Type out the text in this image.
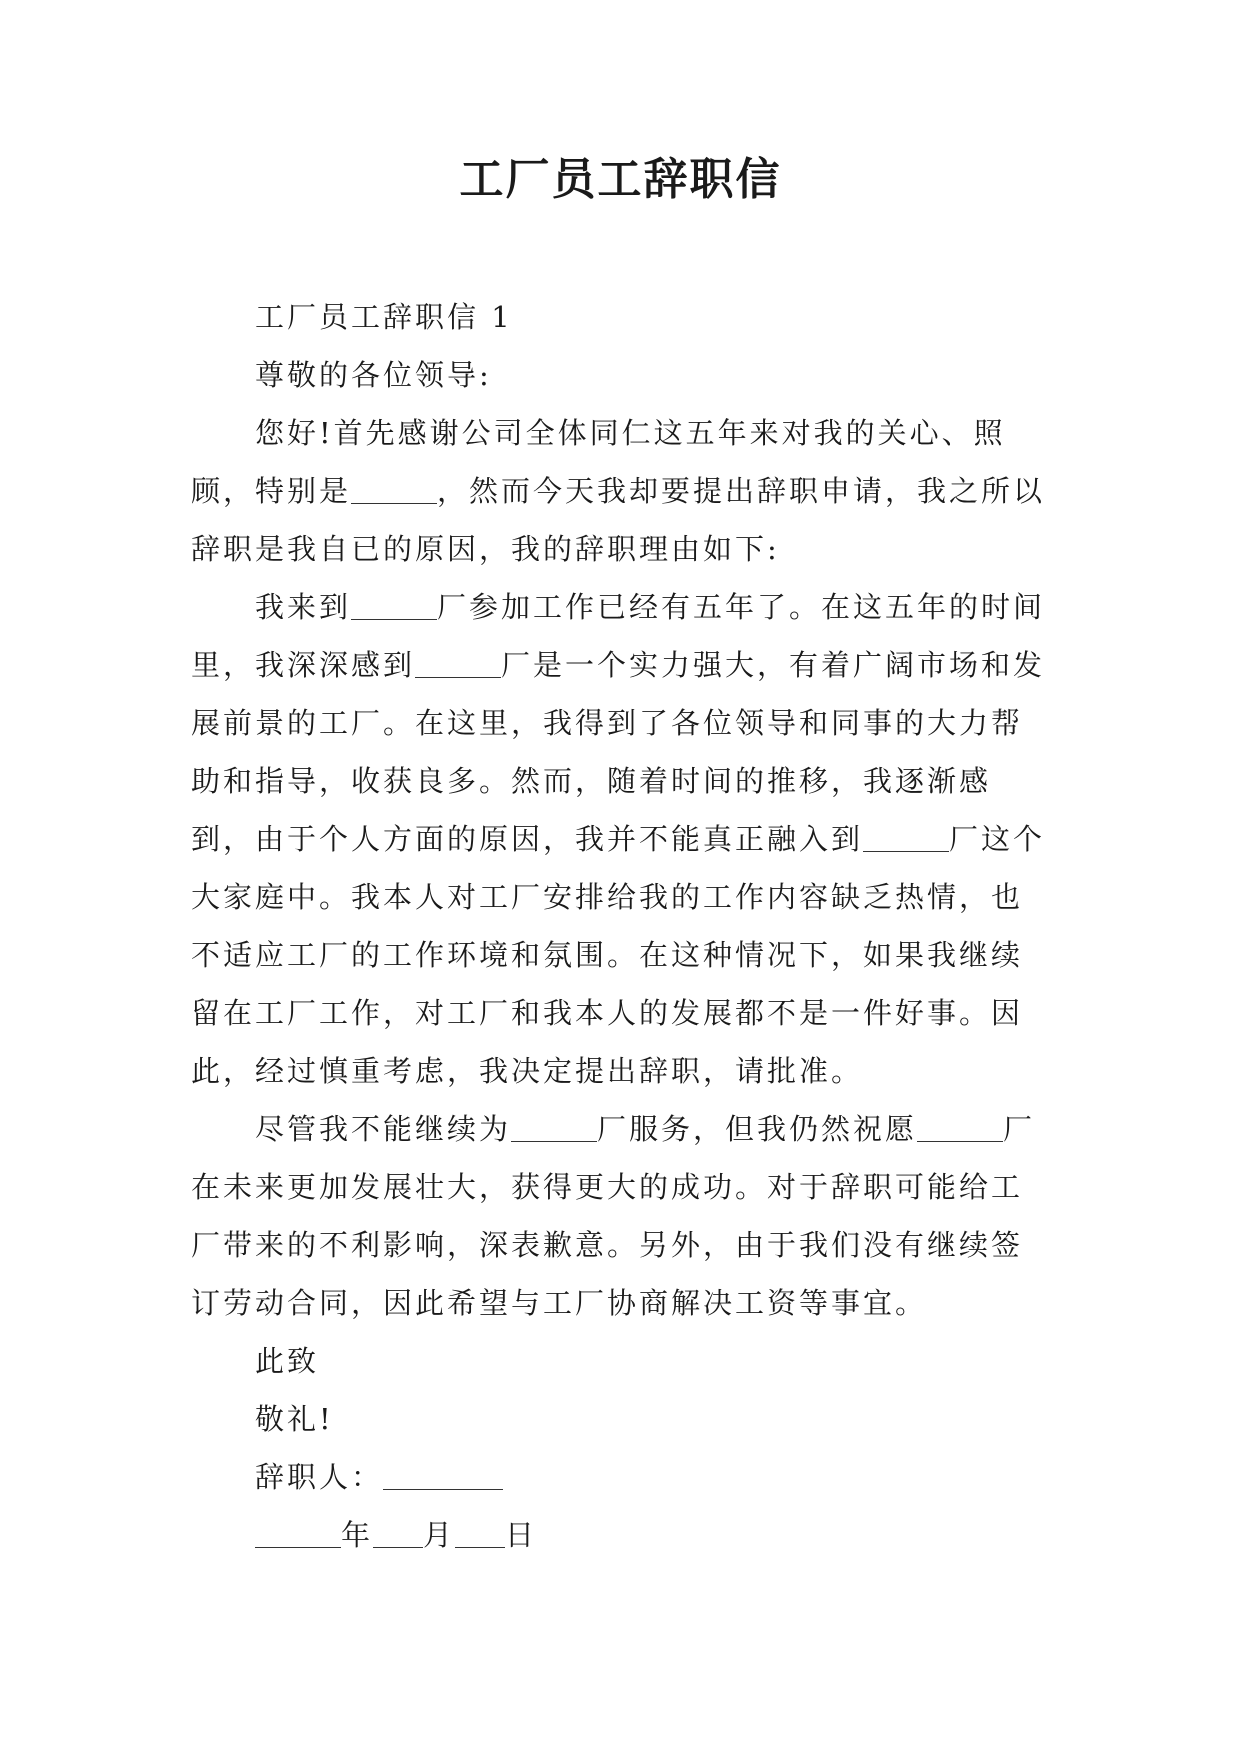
工厂员工辞职信

工厂员工辞职信 1

尊敬的各位领导:

您好!首先感谢公司全体同仁这五年来对我的关心、照顾，特别是	，然而今天我却要提出辞职申请，我之所以辞职是我自已的原因，我的辞职理由如下:

我来到	厂参加工作已经有五年了。在这五年的时间里，我深深感到	厂是一个实力强大，有着广阔市场和发展前景的工厂。在这里，我得到了各位领导和同事的大力帮助和指导，收获良多。然而，随着时间的推移，我逐渐感到，由于个人方面的原因，我并不能真正融入到	厂这个大家庭中。我本人对工厂安排给我的工作内容缺乏热情，也不适应工厂的工作环境和氛围。在这种情况下，如果我继续留在工厂工作，对工厂和我本人的发展都不是一件好事。因此，经过慎重考虑，我决定提出辞职，请批准。

尽管我不能继续为	厂服务，但我仍然祝愿	厂在未来更加发展壮大，获得更大的成功。对于辞职可能给工厂带来的不利影响，深表歉意。另外，由于我们没有继续签订劳动合同，因此希望与工厂协商解决工资等事宜。

此致

敬礼!

辞职人：

年 月 日
